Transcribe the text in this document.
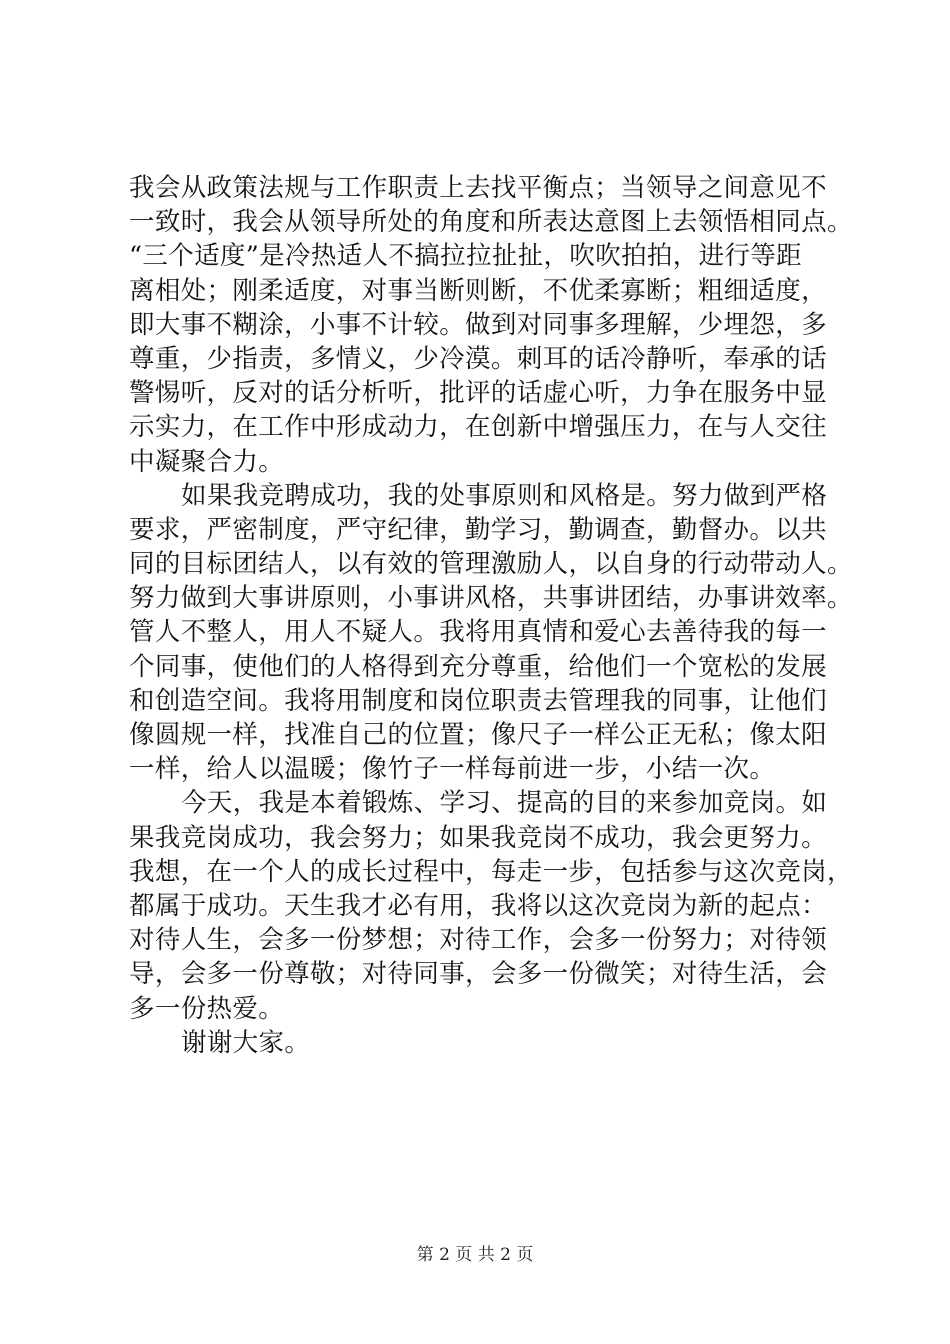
我会从政策法规与工作职责上去找平衡点；当领导之间意见不
一致时，我会从领导所处的角度和所表达意图上去领悟相同点。
“三个适度”是冷热适人不搞拉拉扯扯，吹吹拍拍，进行等距
离相处；刚柔适度，对事当断则断，不优柔寡断；粗细适度，
即大事不糊涂，小事不计较。做到对同事多理解，少埋怨，多
尊重，少指责，多情义，少冷漠。刺耳的话冷静听，奉承的话
警惕听，反对的话分析听，批评的话虚心听，力争在服务中显
示实力，在工作中形成动力，在创新中增强压力，在与人交往
中凝聚合力。
如果我竞聘成功，我的处事原则和风格是。努力做到严格
要求，严密制度，严守纪律，勤学习，勤调查，勤督办。以共
同的目标团结人，以有效的管理激励人，以自身的行动带动人。
努力做到大事讲原则，小事讲风格，共事讲团结，办事讲效率。
管人不整人，用人不疑人。我将用真情和爱心去善待我的每一
个同事，使他们的人格得到充分尊重，给他们一个宽松的发展
和创造空间。我将用制度和岗位职责去管理我的同事，让他们
像圆规一样，找准自己的位置；像尺子一样公正无私；像太阳
一样，给人以温暖；像竹子一样每前进一步，小结一次。
今天，我是本着锻炼、学习、提高的目的来参加竞岗。如
果我竞岗成功，我会努力；如果我竞岗不成功，我会更努力。
我想，在一个人的成长过程中，每走一步，包括参与这次竞岗，
都属于成功。天生我才必有用，我将以这次竞岗为新的起点：
对待人生，会多一份梦想；对待工作，会多一份努力；对待领
导，会多一份尊敬；对待同事，会多一份微笑；对待生活，会
多一份热爱。
谢谢大家。
第 2 页 共 2 页
